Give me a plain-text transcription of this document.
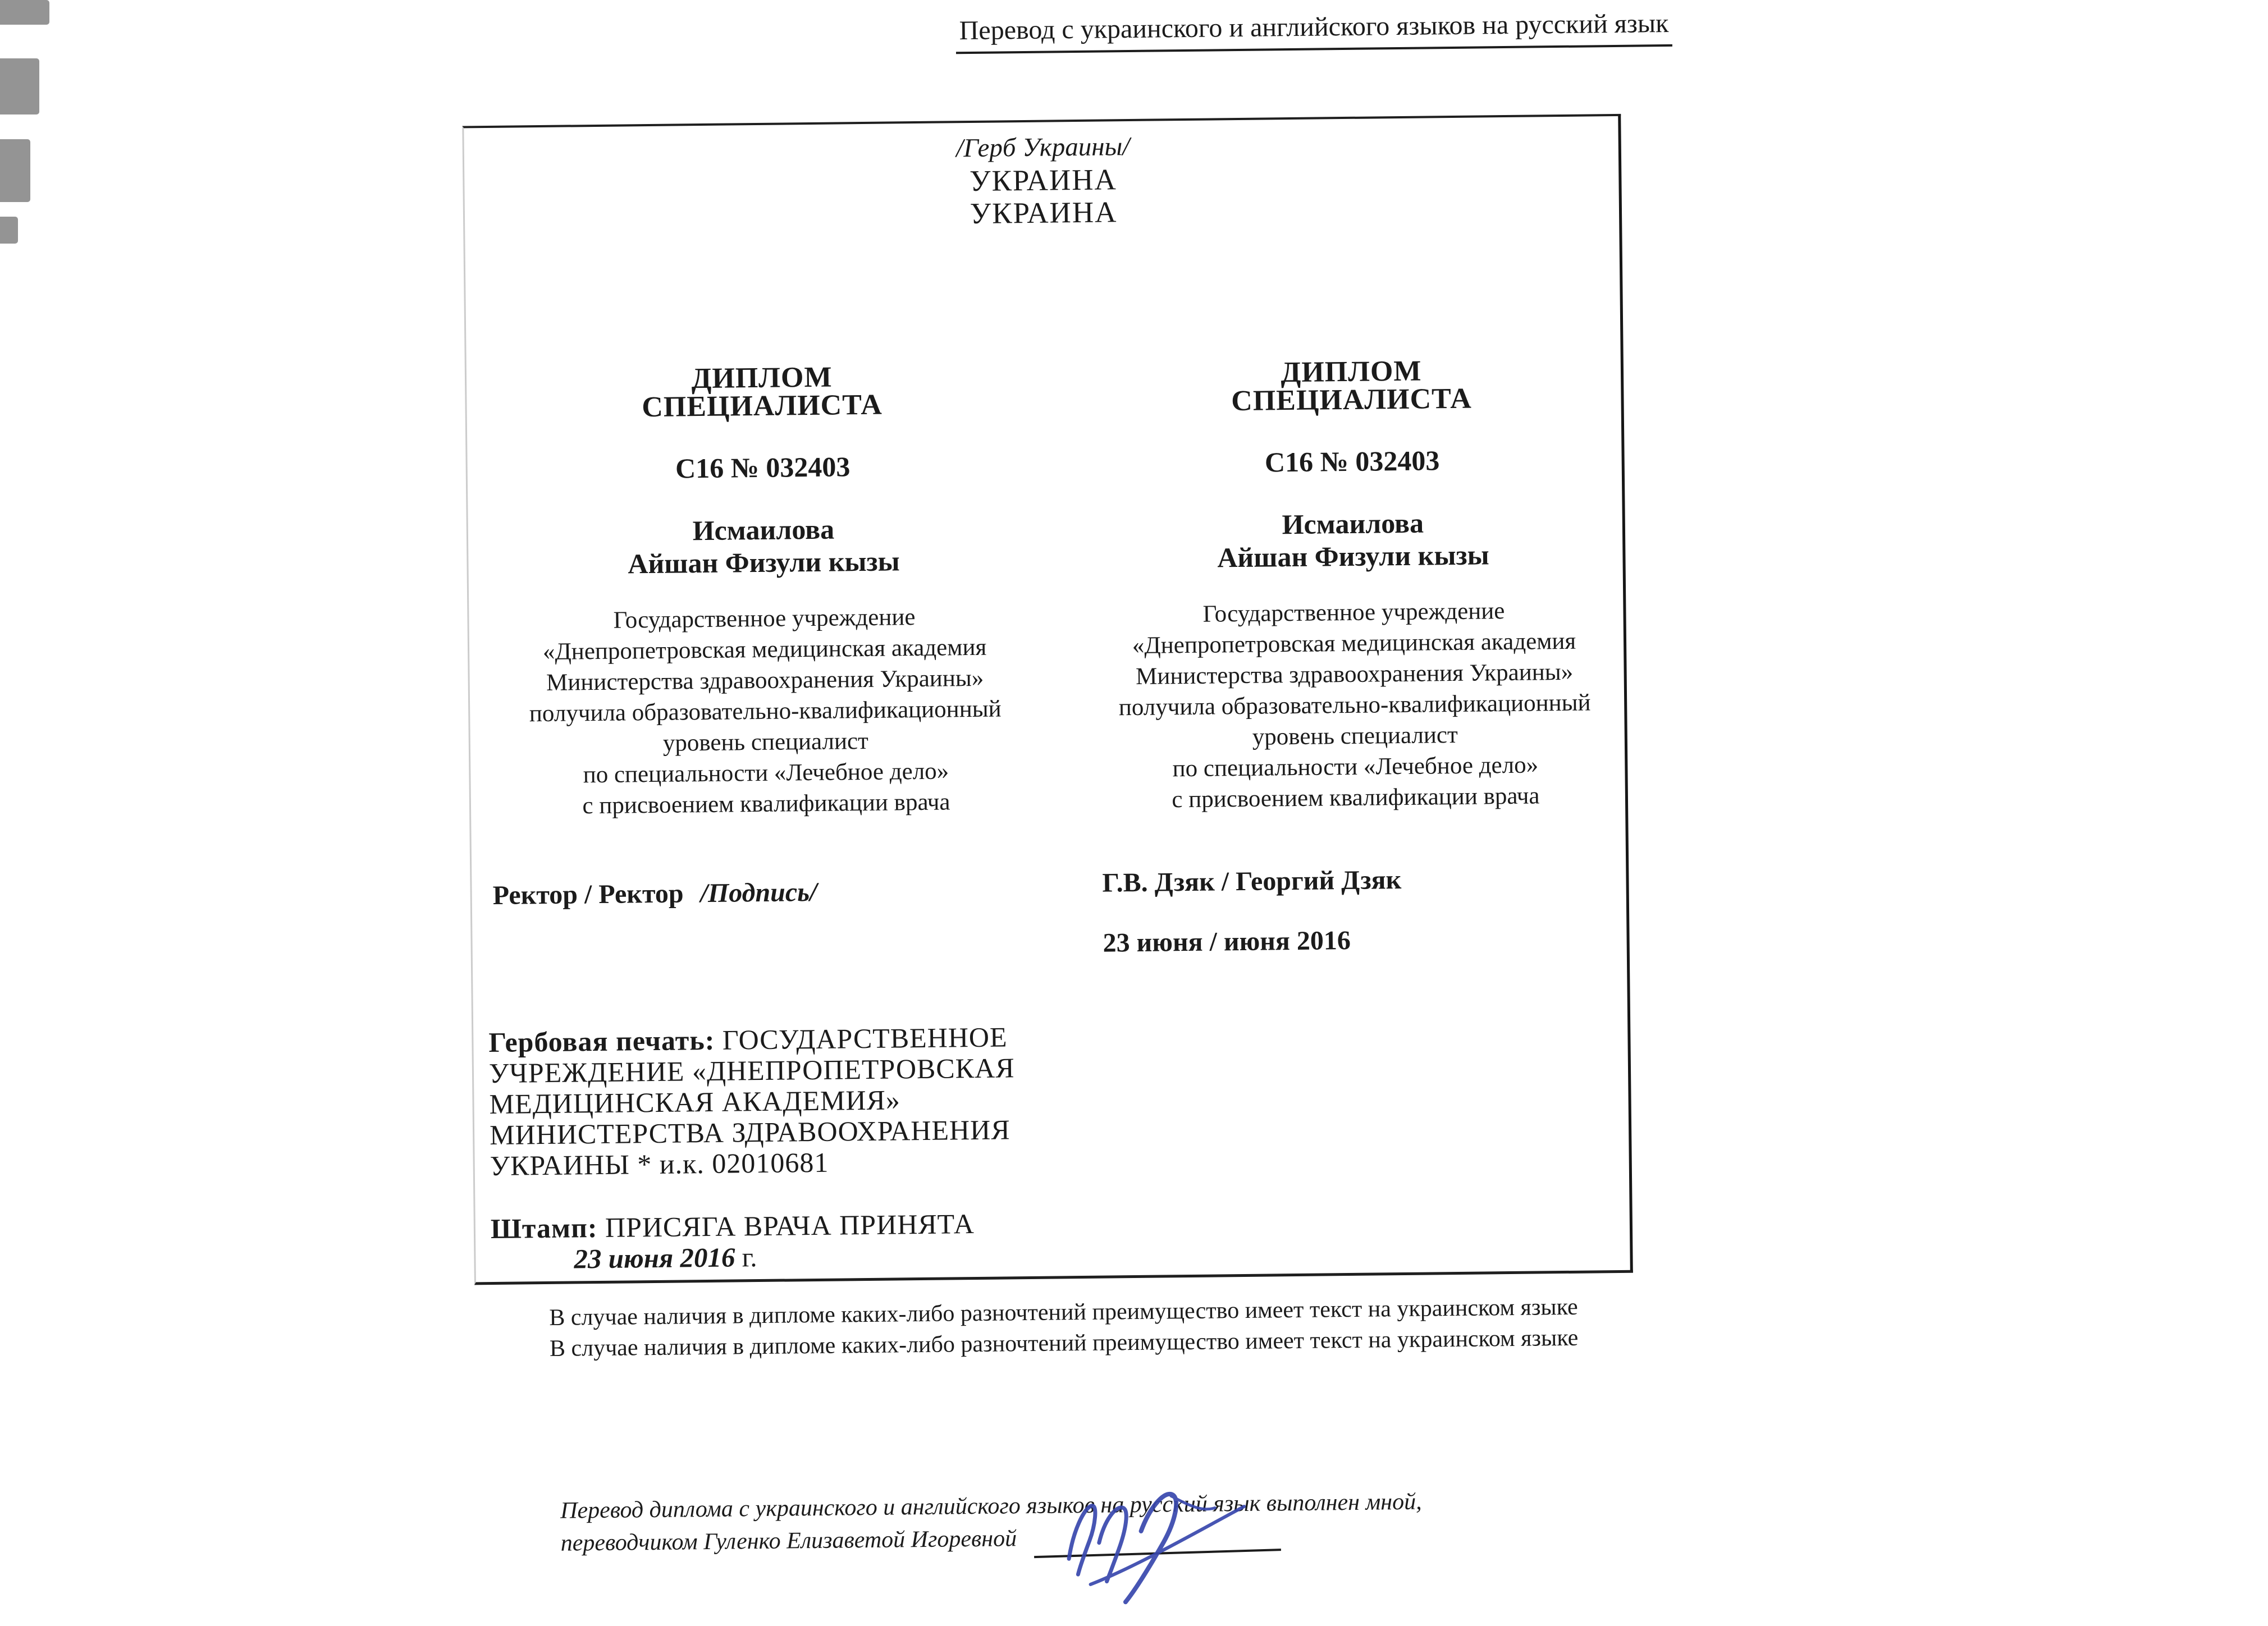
Перевод с украинского и английского языков на русский язык
/Герб Украины/
УКРАИНА
УКРАИНА
ДИПЛОМ
СПЕЦИАЛИСТА
С16 № 032403
Исмаилова
Айшан Физули кызы
Государственное учреждение
«Днепропетровская медицинская академия
Министерства здравоохранения Украины»
получила образовательно-квалификационный
уровень специалист
по специальности «Лечебное дело»
с присвоением квалификации врача
Ректор / Ректор /Подпись/
ДИПЛОМ
СПЕЦИАЛИСТА
С16 № 032403
Исмаилова
Айшан Физули кызы
Государственное учреждение
«Днепропетровская медицинская академия
Министерства здравоохранения Украины»
получила образовательно-квалификационный
уровень специалист
по специальности «Лечебное дело»
с присвоением квалификации врача
Г.В. Дзяк / Георгий Дзяк
23 июня / июня 2016
Гербовая печать: ГОСУДАРСТВЕННОЕ
УЧРЕЖДЕНИЕ «ДНЕПРОПЕТРОВСКАЯ
МЕДИЦИНСКАЯ АКАДЕМИЯ»
МИНИСТЕРСТВА ЗДРАВООХРАНЕНИЯ
УКРАИНЫ * и.к. 02010681
Штамп: ПРИСЯГА ВРАЧА ПРИНЯТА
23 июня 2016 г.
В случае наличия в дипломе каких-либо разночтений преимущество имеет текст на украинском языке
В случае наличия в дипломе каких-либо разночтений преимущество имеет текст на украинском языке
Перевод диплома с украинского и английского языков на русский язык выполнен мной,
переводчиком Гуленко Елизаветой Игоревной
